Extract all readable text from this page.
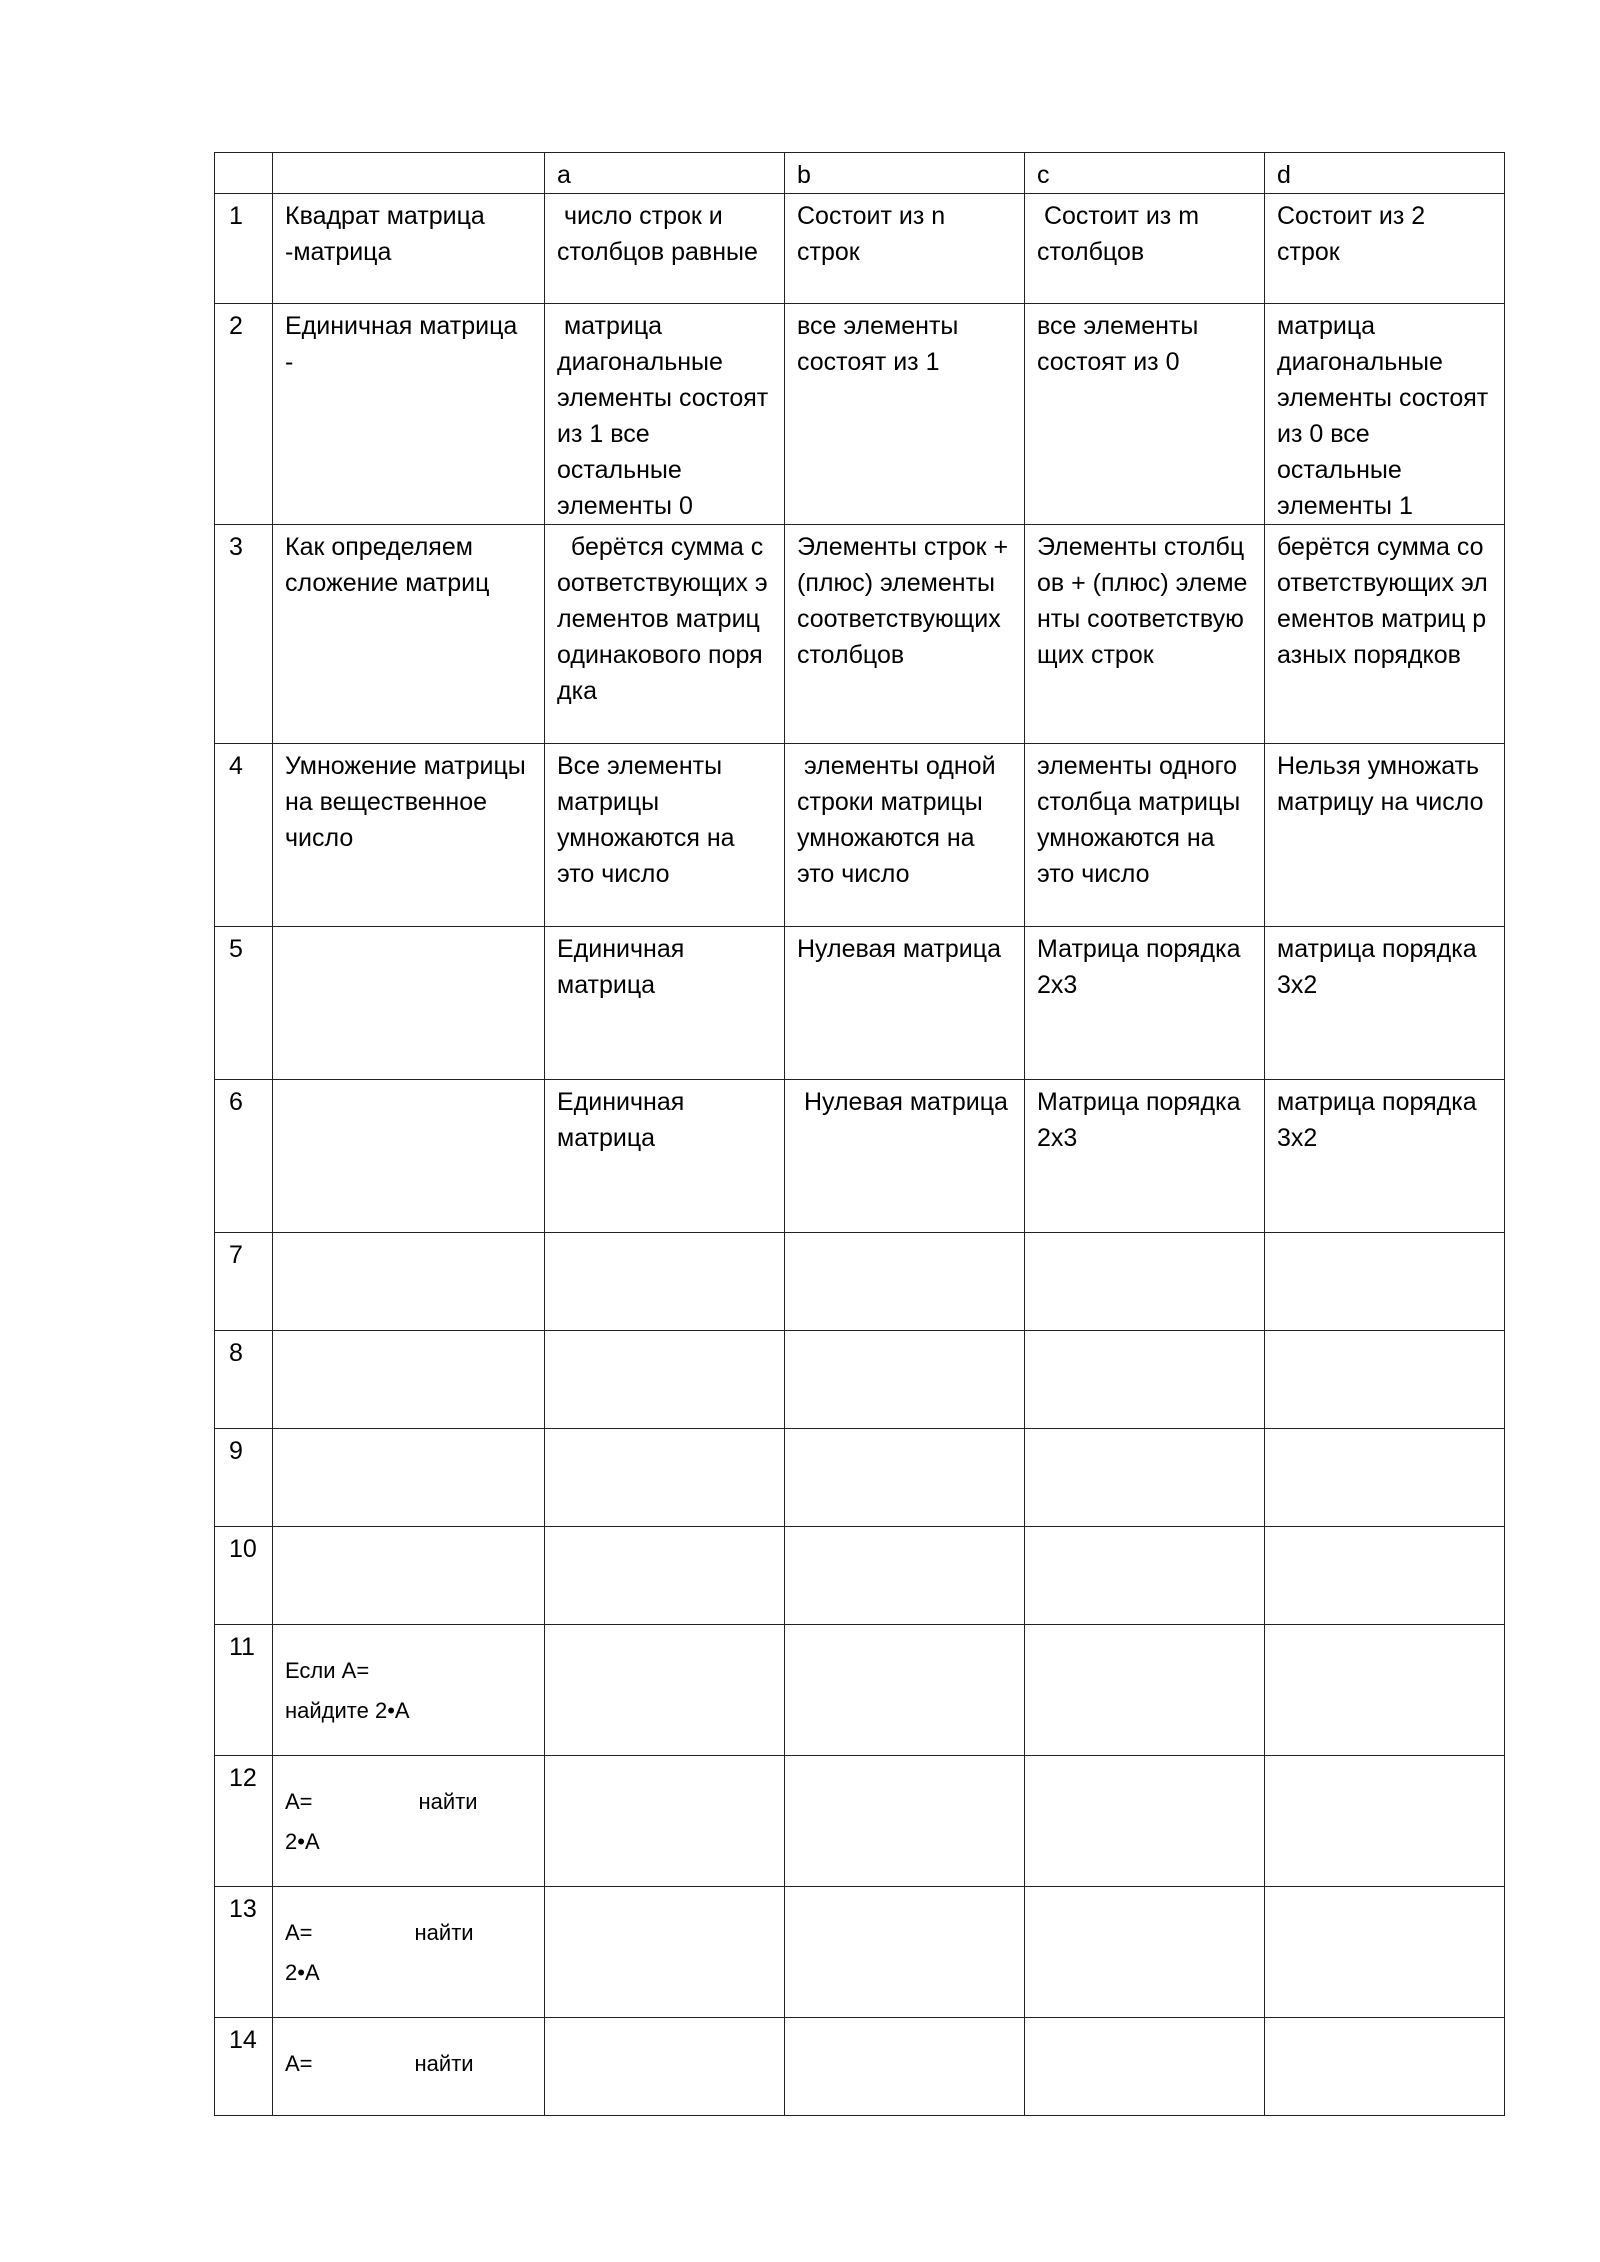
		a	b	c	d
1	Квадрат матрица -матрица	число строк и столбцов равные	Состоит из n строк	Состоит из m столбцов	Состоит из 2 строк
2	Единичная матрица -	матрица диагональные элементы состоят из 1 все остальные элементы 0	все элементы состоят из 1	все элементы состоят из 0	матрица диагональные элементы состоят из 0 все остальные элементы 1
3	Как определяем сложение матриц	берётся сумма соответствующих элементов матриц одинакового порядка	Элементы строк +(плюс) элементы соответствующих столбцов	Элементы столбцов + (плюс) элементы соответствующих строк	берётся сумма соответствующих элементов матриц разных порядков
4	Умножение матрицы  на вещественное число	Все элементы матрицы умножаются на это число	элементы одной строки матрицы умножаются на это число	элементы одного столбца матрицы умножаются на это число	Нельзя умножать матрицу на число
5		Единичная матрица	Нулевая матрица	Матрица порядка 2х3	матрица порядка 3х2
6		Единичная матрица	Нулевая матрица	Матрица порядка 2х3	матрица порядка 3х2
7					
8					
9					
10					
11	Если А=
найдите 2•А				

12	А= найти
2•А				

13	А= найти
2•А				

14	А= найти				
